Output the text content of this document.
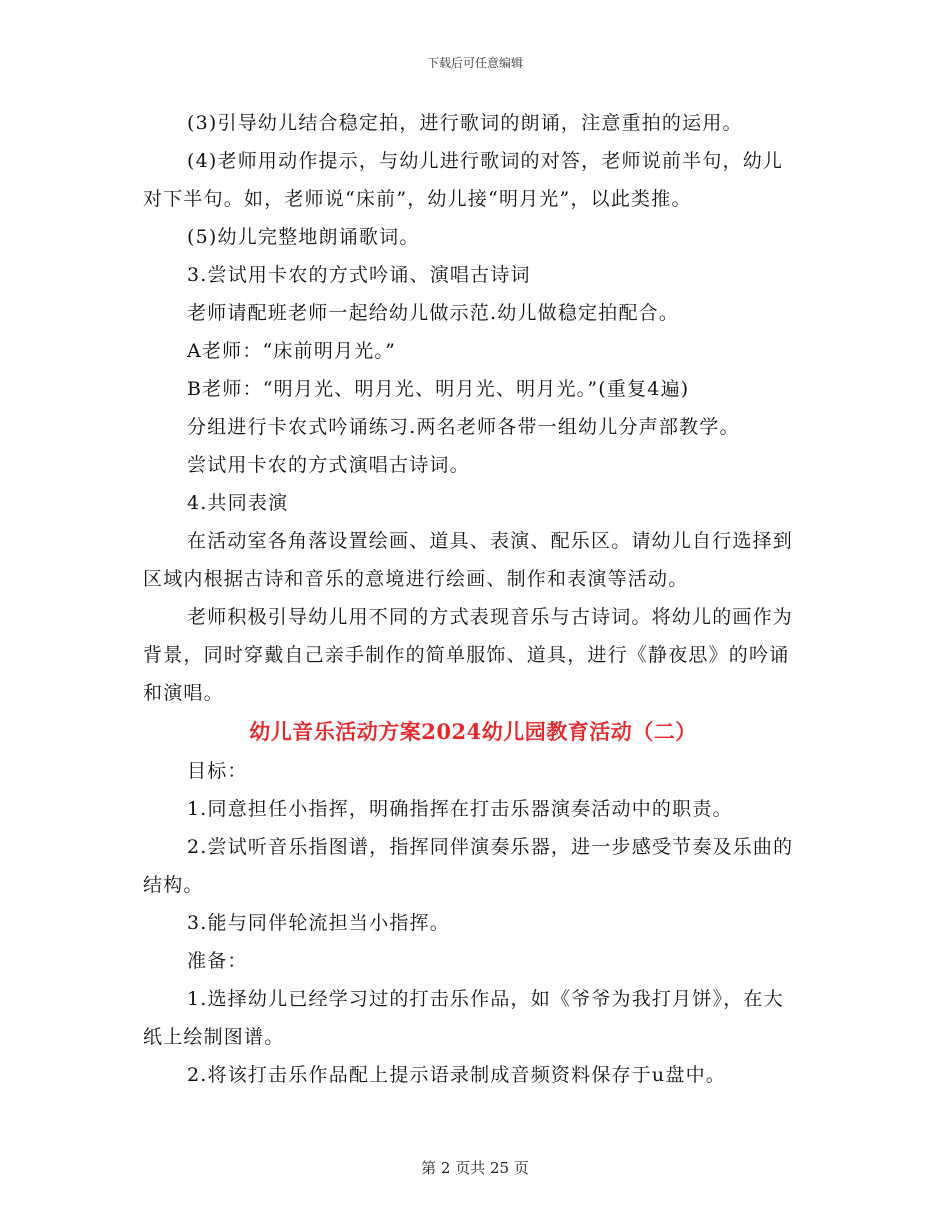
下载后可任意编辑

(3)引导幼儿结合稳定拍，进行歌词的朗诵，注意重拍的运用。

(4)老师用动作提示，与幼儿进行歌词的对答，老师说前半句，幼儿对下半句。如，老师说“床前”，幼儿接“明月光”，以此类推。

(5)幼儿完整地朗诵歌词。

3.尝试用卡农的方式吟诵、演唱古诗词

老师请配班老师一起给幼儿做示范.幼儿做稳定拍配合。

A老师：“床前明月光。”

B老师：“明月光、明月光、明月光、明月光。”(重复4遍)

分组进行卡农式吟诵练习.两名老师各带一组幼儿分声部教学。

尝试用卡农的方式演唱古诗词。

4.共同表演

在活动室各角落设置绘画、道具、表演、配乐区。请幼儿自行选择到区域内根据古诗和音乐的意境进行绘画、制作和表演等活动。

老师积极引导幼儿用不同的方式表现音乐与古诗词。将幼儿的画作为背景，同时穿戴自己亲手制作的简单服饰、道具，进行《静夜思》的吟诵和演唱。

幼儿音乐活动方案2024幼儿园教育活动（二）

目标：

1.同意担任小指挥，明确指挥在打击乐器演奏活动中的职责。

2.尝试听音乐指图谱，指挥同伴演奏乐器，进一步感受节奏及乐曲的结构。

3.能与同伴轮流担当小指挥。

准备：

1.选择幼儿已经学习过的打击乐作品，如《爷爷为我打月饼》，在大纸上绘制图谱。

2.将该打击乐作品配上提示语录制成音频资料保存于u盘中。

第 2 页共 25 页
